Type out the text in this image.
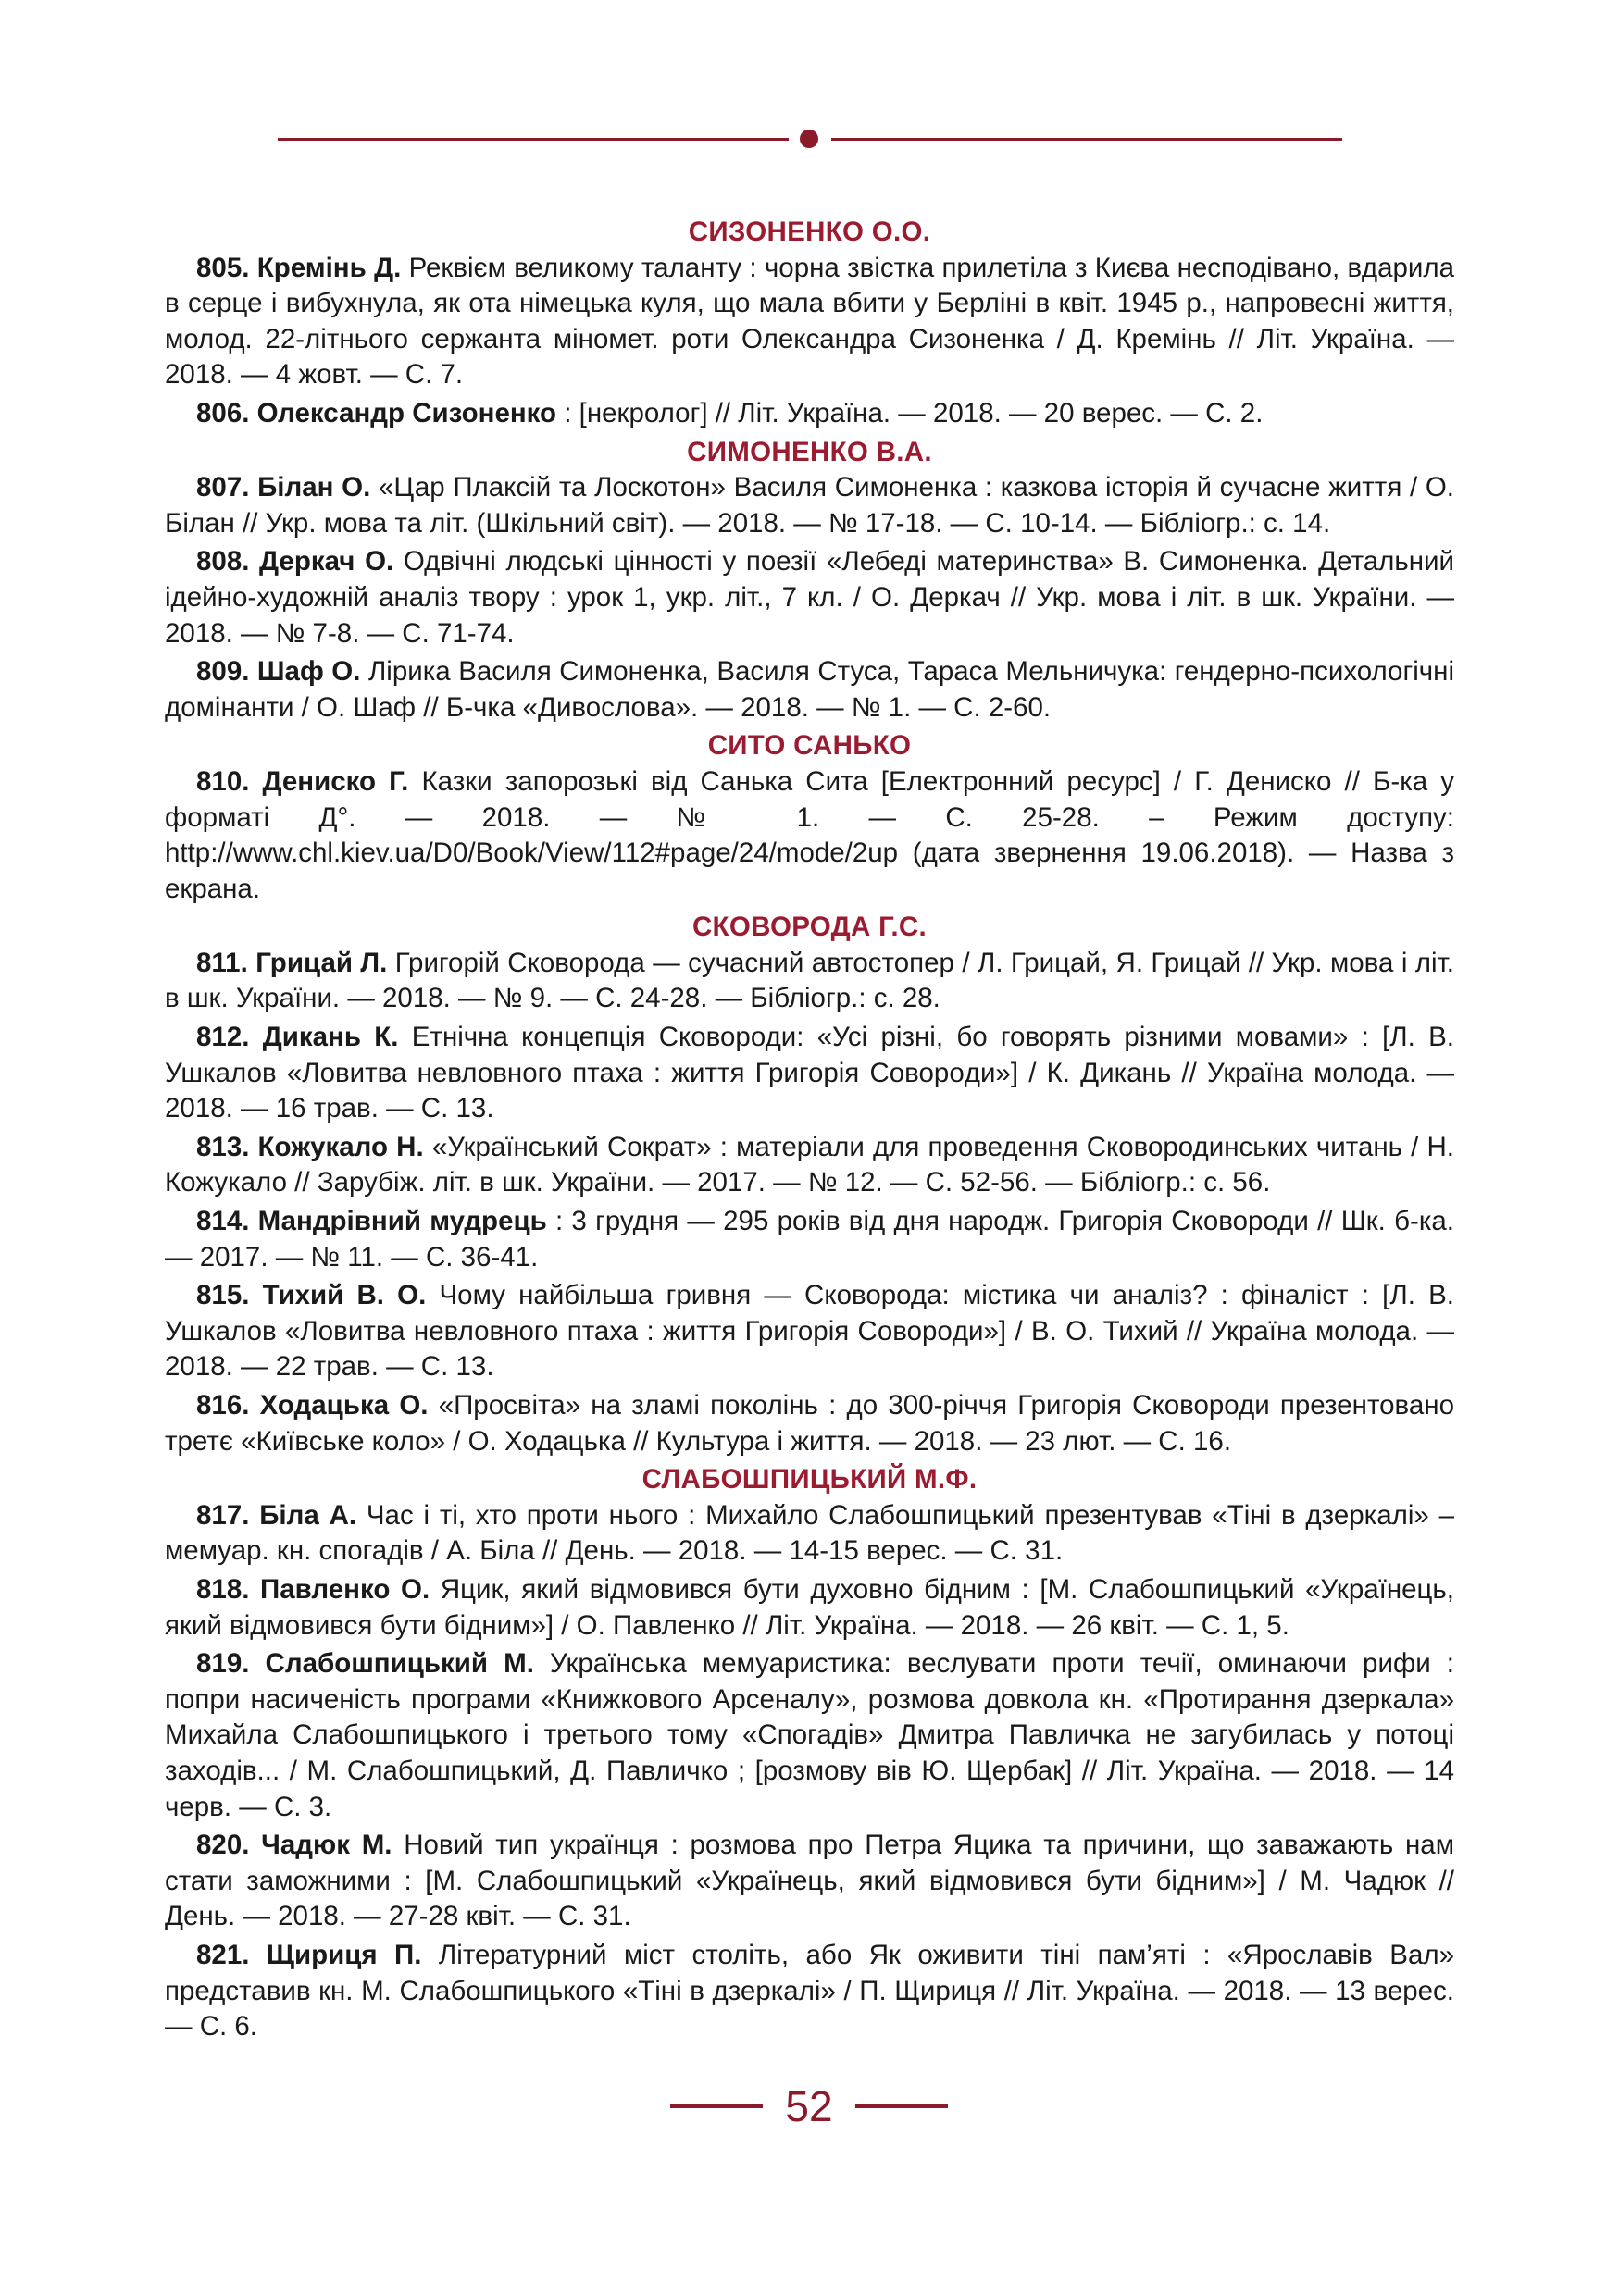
СИЗОНЕНКО О.О.

805. Кремінь Д. Реквієм великому таланту : чорна звістка прилетіла з Києва несподівано, вдарила в серце і вибухнула, як ота німецька куля, що мала вбити у Берліні в квіт. 1945 р., напровесні життя, молод. 22-літнього сержанта міномет. роти Олександра Сизоненка / Д. Кремінь // Літ. Україна. — 2018. — 4 жовт. — С. 7.

806. Олександр Сизоненко : [некролог] // Літ. Україна. — 2018. — 20 верес. — С. 2.

СИМОНЕНКО В.А.

807. Білан О. «Цар Плаксій та Лоскотон» Василя Симоненка : казкова історія й сучасне життя / О. Білан // Укр. мова та літ. (Шкільний світ). — 2018. — № 17-18. — С. 10-14. — Бібліогр.: с. 14.

808. Деркач О. Одвічні людські цінності у поезії «Лебеді материнства» В. Симоненка. Детальний ідейно-художній аналіз твору : урок 1, укр. літ., 7 кл. / О. Деркач // Укр. мова і літ. в шк. України. — 2018. — № 7-8. — С. 71-74.

809. Шаф О. Лірика Василя Симоненка, Василя Стуса, Тараса Мельничука: гендерно-психологічні домінанти / О. Шаф // Б-чка «Дивослова». — 2018. — № 1. — С. 2-60.

СИТО САНЬКО

810. Дениско Г. Казки запорозькі від Санька Сита [Електронний ресурс] / Г. Дениско // Б-ка у форматі Д°. — 2018. — № 1. — С. 25-28. – Режим доступу: http://www.chl.kiev.ua/D0/Book/View/112#page/24/mode/2up (дата звернення 19.06.2018). — Назва з екрана.

СКОВОРОДА Г.С.

811. Грицай Л. Григорій Сковорода — сучасний автостопер / Л. Грицай, Я. Грицай // Укр. мова і літ. в шк. України. — 2018. — № 9. — С. 24-28. — Бібліогр.: с. 28.

812. Дикань К. Етнічна концепція Сковороди: «Усі різні, бо говорять різними мовами» : [Л. В. Ушкалов «Ловитва невловного птаха : життя Григорія Соворoди»] / К. Дикань // Україна молода. — 2018. — 16 трав. — С. 13.

813. Кожукало Н. «Український Сократ» : матеріали для проведення Сковородинських читань / Н. Кожукало // Зарубіж. літ. в шк. України. — 2017. — № 12. — С. 52-56. — Бібліогр.: с. 56.

814. Мандрівний мудрець : 3 грудня — 295 років від дня народж. Григорія Сковороди // Шк. б-ка. — 2017. — № 11. — С. 36-41.

815. Тихий В. О. Чому найбільша гривня — Сковорода: містика чи аналіз? : фіналіст : [Л. В. Ушкалов «Ловитва невловного птаха : життя Григорія Соворoди»] / В. О. Тихий // Україна молода. — 2018. — 22 трав. — С. 13.

816. Ходацька О. «Просвіта» на зламі поколінь : до 300-річчя Григорія Сковороди презентовано третє «Київське коло» / О. Ходацька // Культура і життя. — 2018. — 23 лют. — С. 16.

СЛАБОШПИЦЬКИЙ М.Ф.

817. Біла А. Час і ті, хто проти нього : Михайло Слабошпицький презентував «Тіні в дзеркалі» – мемуар. кн. спогадів / А. Біла // День. — 2018. — 14-15 верес. — С. 31.

818. Павленко О. Яцик, який відмовився бути духовно бідним : [М. Слабошпицький «Українець, який відмовився бути бідним»] / О. Павленко // Літ. Україна. — 2018. — 26 квіт. — С. 1, 5.

819. Слабошпицький М. Українська мемуаристика: веслувати проти течії, оминаючи рифи : попри насиченість програми «Книжкового Арсеналу», розмова довкола кн. «Протирання дзеркала» Михайла Слабошпицького і третього тому «Спогадів» Дмитра Павличка не загубилась у потоці заходів... / М. Слабошпицький, Д. Павличко ; [розмову вів Ю. Щербак] // Літ. Україна. — 2018. — 14 черв. — С. 3.

820. Чадюк М. Новий тип українця : розмова про Петра Яцика та причини, що заважають нам стати заможними : [М. Слабошпицький «Українець, який відмовився бути бідним»] / М. Чадюк // День. — 2018. — 27-28 квіт. — С. 31.

821. Щириця П. Літературний міст століть, або Як оживити тіні пам’яті : «Ярославів Вал» представив кн. М. Слабошпицького «Тіні в дзеркалі» / П. Щириця // Літ. Україна. — 2018. — 13 верес. — С. 6.

52
